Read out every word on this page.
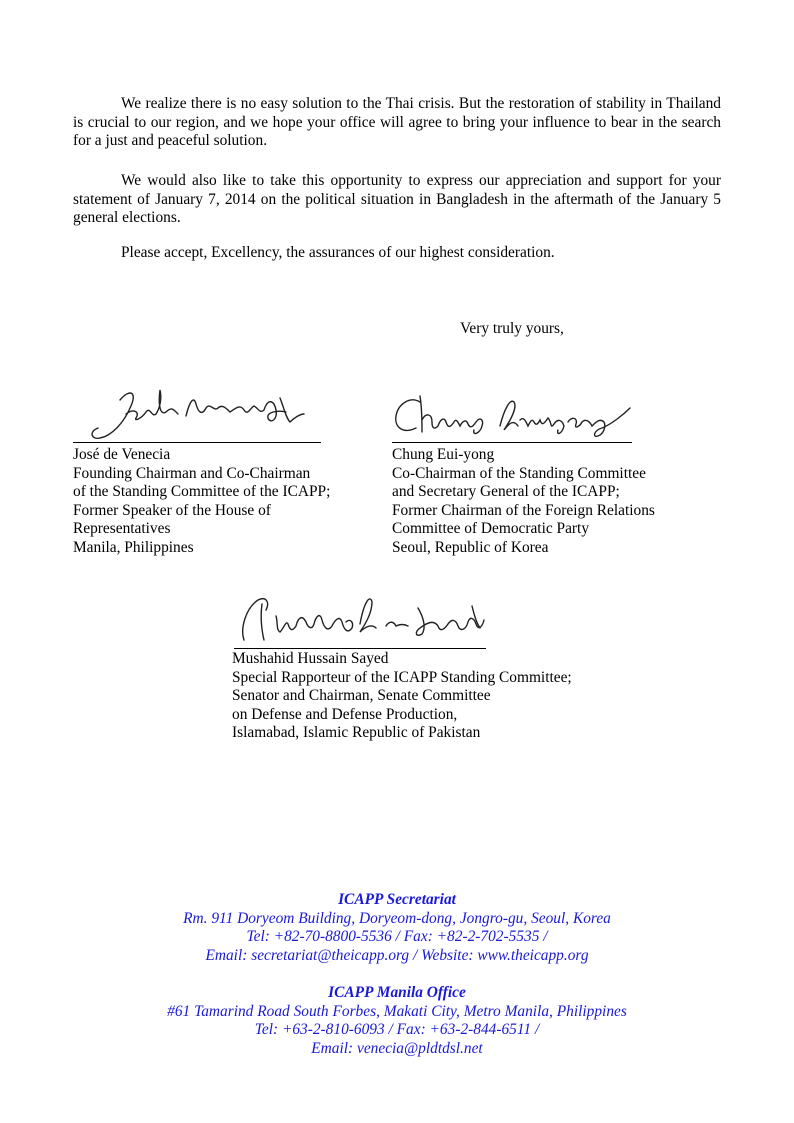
We realize there is no easy solution to the Thai crisis. But the restoration of stability in Thailand is crucial to our region, and we hope your office will agree to bring your influence to bear in the search for a just and peaceful solution.

We would also like to take this opportunity to express our appreciation and support for your statement of January 7, 2014 on the political situation in Bangladesh in the aftermath of the January 5 general elections.

Please accept, Excellency, the assurances of our highest consideration.

Very truly yours,
José de Venecia
Founding Chairman and Co-Chairman
of the Standing Committee of the ICAPP;
Former Speaker of the House of
Representatives
Manila, Philippines
Chung Eui-yong
Co-Chairman of the Standing Committee
and Secretary General of the ICAPP;
Former Chairman of the Foreign Relations
Committee of Democratic Party
Seoul, Republic of Korea
Mushahid Hussain Sayed
Special Rapporteur of the ICAPP Standing Committee;
Senator and Chairman, Senate Committee
on Defense and Defense Production,
Islamabad, Islamic Republic of Pakistan
ICAPP Secretariat
Rm. 911 Doryeom Building, Doryeom-dong, Jongro-gu, Seoul, Korea
Tel: +82-70-8800-5536 / Fax: +82-2-702-5535 /
Email: secretariat@theicapp.org / Website: www.theicapp.org
ICAPP Manila Office
#61 Tamarind Road South Forbes, Makati City, Metro Manila, Philippines
Tel: +63-2-810-6093 / Fax: +63-2-844-6511 /
Email: venecia@pldtdsl.net
